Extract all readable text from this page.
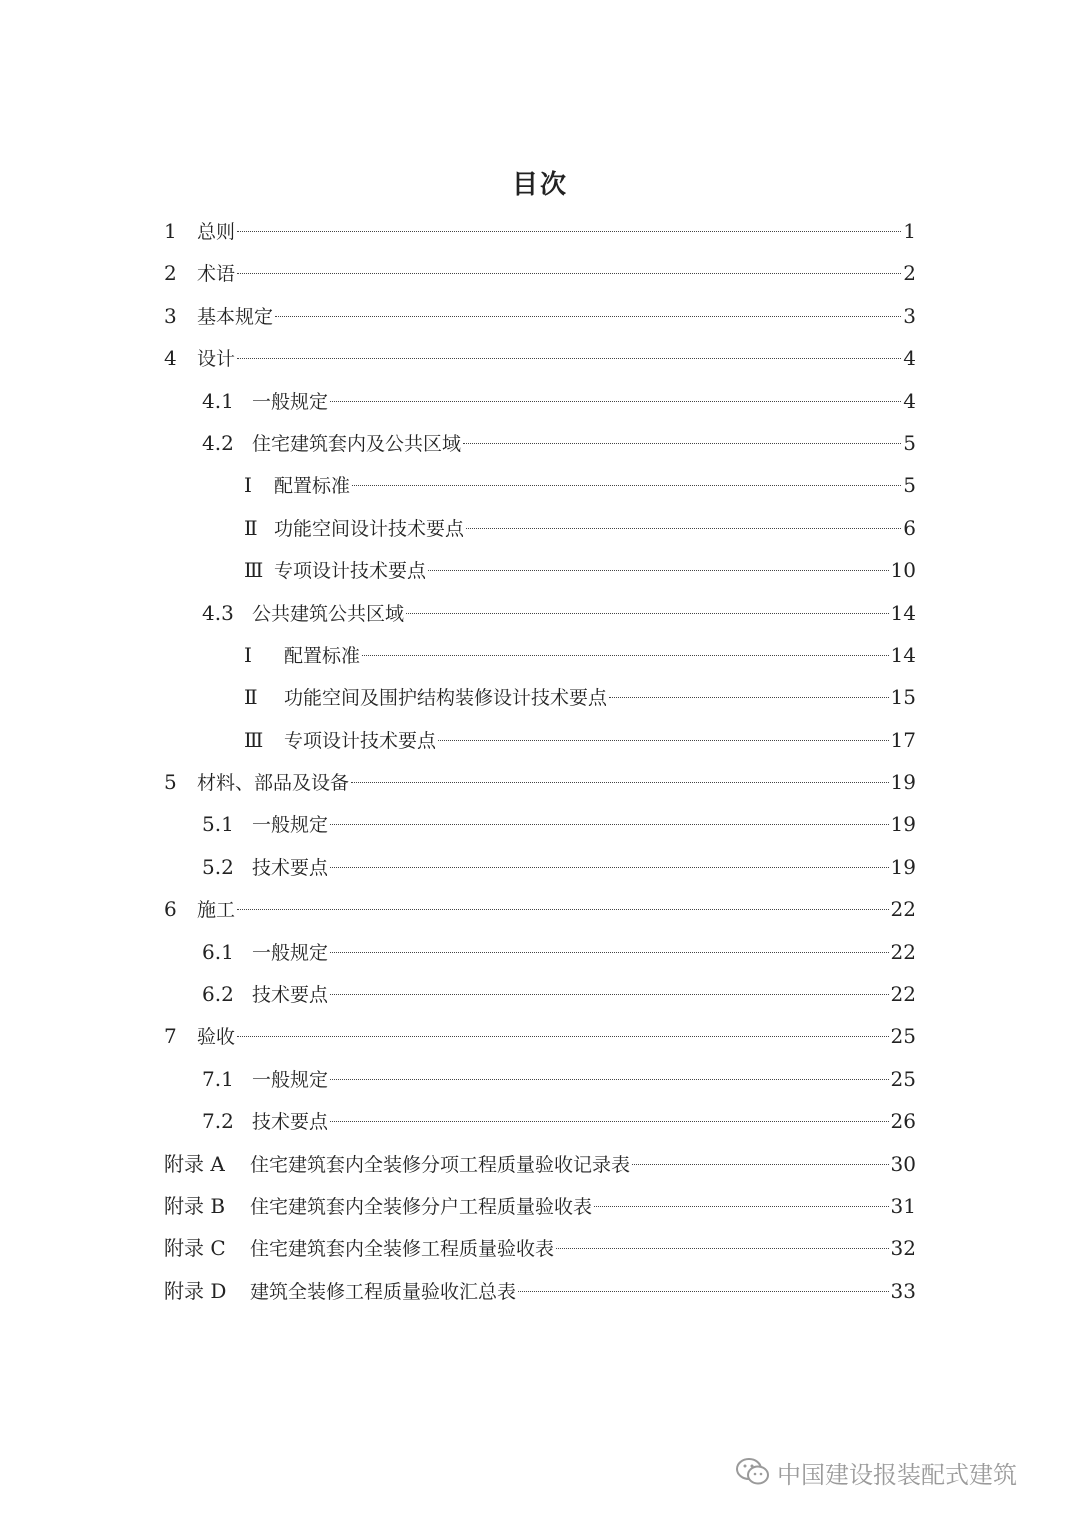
目次
1	总则	1
2	术语	2
3	基本规定	3
4	设计	4
4.1 一般规定	4
4.2 住宅建筑套内及公共区域	5
Ⅰ	配置标准	5
Ⅱ 功能空间设计技术要点	6
Ⅲ 专项设计技术要点	10
4.3 公共建筑公共区域	14
Ⅰ	配置标准	14
Ⅱ	功能空间及围护结构装修设计技术要点	15
Ⅲ	专项设计技术要点	17
5	材料、部品及设备	19
5.1 一般规定	19
5.2 技术要点	19
6	施工	22
6.1 一般规定	22
6.2 技术要点	22
7	验收	25
7.1 一般规定	25
7.2 技术要点	26
附录 A	住宅建筑套内全装修分项工程质量验收记录表	30
附录 B	住宅建筑套内全装修分户工程质量验收表	31
附录 C	住宅建筑套内全装修工程质量验收表	32
附录 D	建筑全装修工程质量验收汇总表	33
中国建设报装配式建筑
